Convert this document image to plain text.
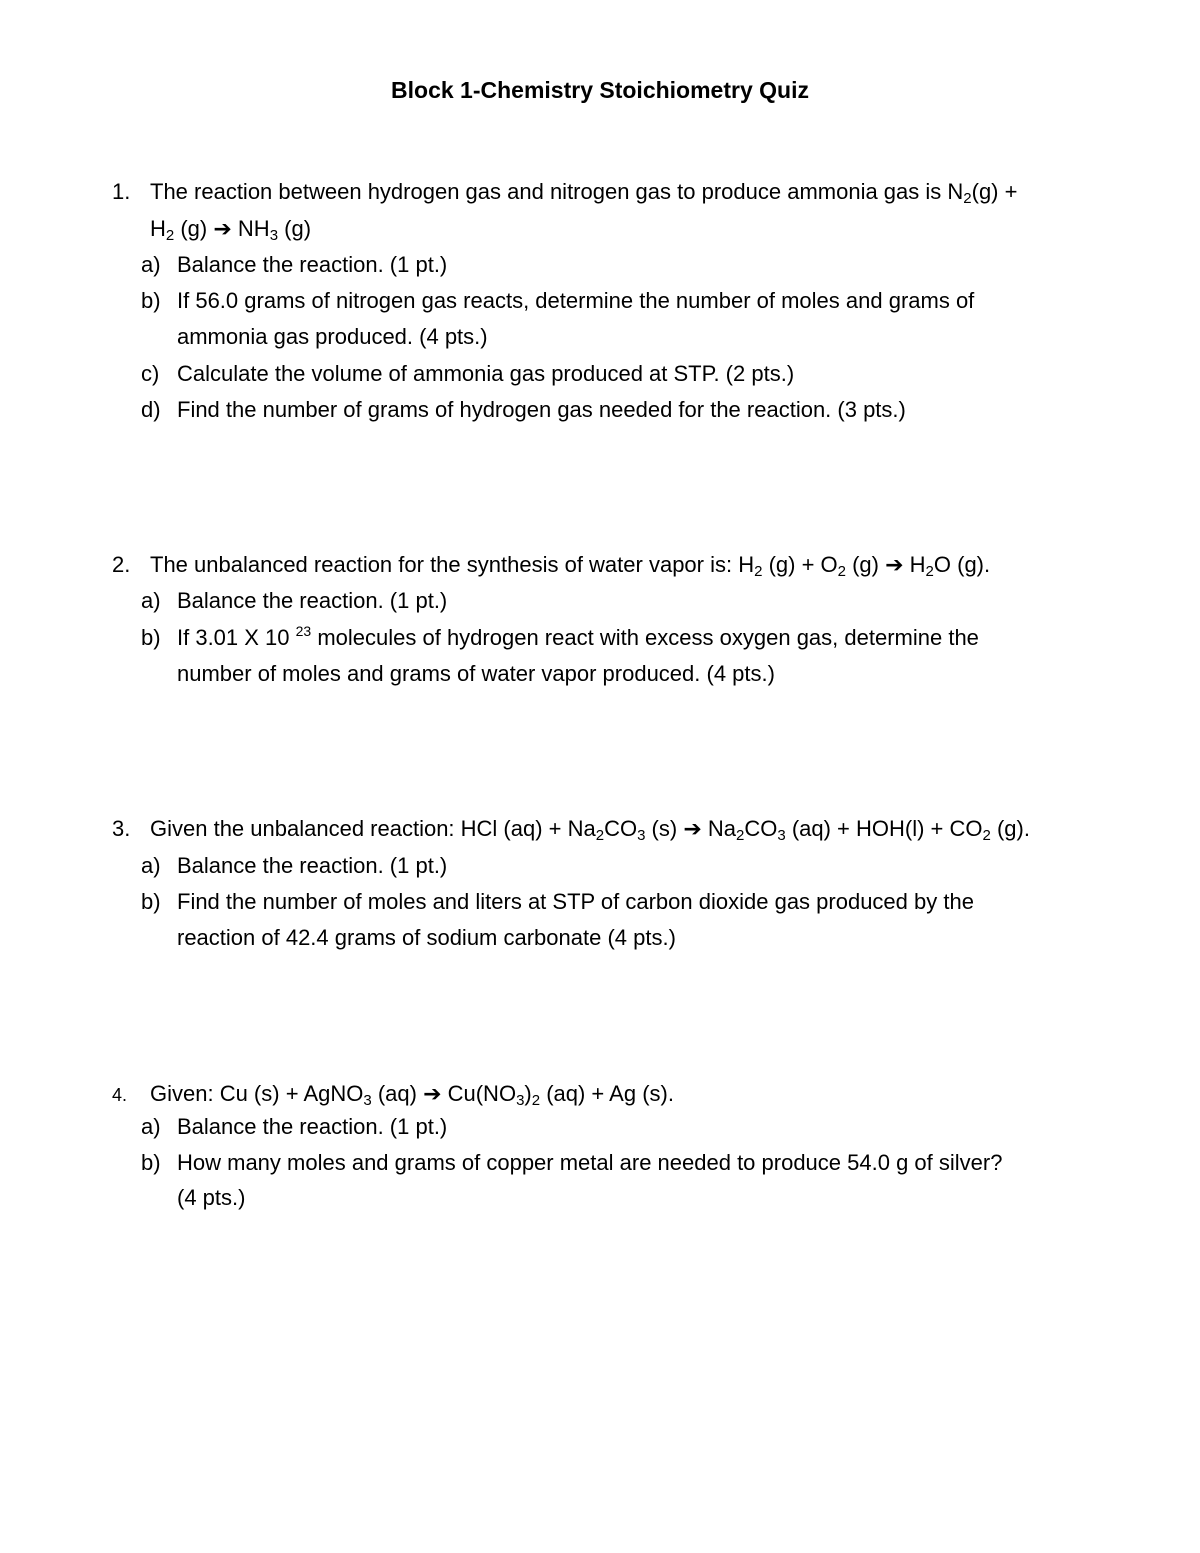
Block 1-Chemistry Stoichiometry Quiz
1. The reaction between hydrogen gas and nitrogen gas to produce ammonia gas is $N_2(g)$ +
$H_2$ (g) ➔ $NH_3$ (g)
a) Balance the reaction. (1 pt.)
b) If 56.0 grams of nitrogen gas reacts, determine the number of moles and grams of
ammonia gas produced. (4 pts.)
c) Calculate the volume of ammonia gas produced at STP. (2 pts.)
d) Find the number of grams of hydrogen gas needed for the reaction. (3 pts.)
2. The unbalanced reaction for the synthesis of water vapor is: $H_2$ $(g) + O_2$ (g) ➔ $H_2O$ (g).
a) Balance the reaction. (1 pt.)
b) If 3.01 X 10 $^{23}$ molecules of hydrogen react with excess oxygen gas, determine the
number of moles and grams of water vapor produced. (4 pts.)
3. Given the unbalanced reaction: HCl $(aq) + Na_2CO_3$ (s) ➔ $Na_2CO_3$ $(aq) + HOH(l) + CO_2$ (g).
a) Balance the reaction. (1 pt.)
b) Find the number of moles and liters at STP of carbon dioxide gas produced by the
reaction of 42.4 grams of sodium carbonate (4 pts.)
4. Given: Cu (s) + AgNO$_3$ (aq) ➔ $Cu(NO_3)_2$ (aq) + Ag (s).
a) Balance the reaction. (1 pt.)
b) How many moles and grams of copper metal are needed to produce 54.0 g of silver?
(4 pts.)
